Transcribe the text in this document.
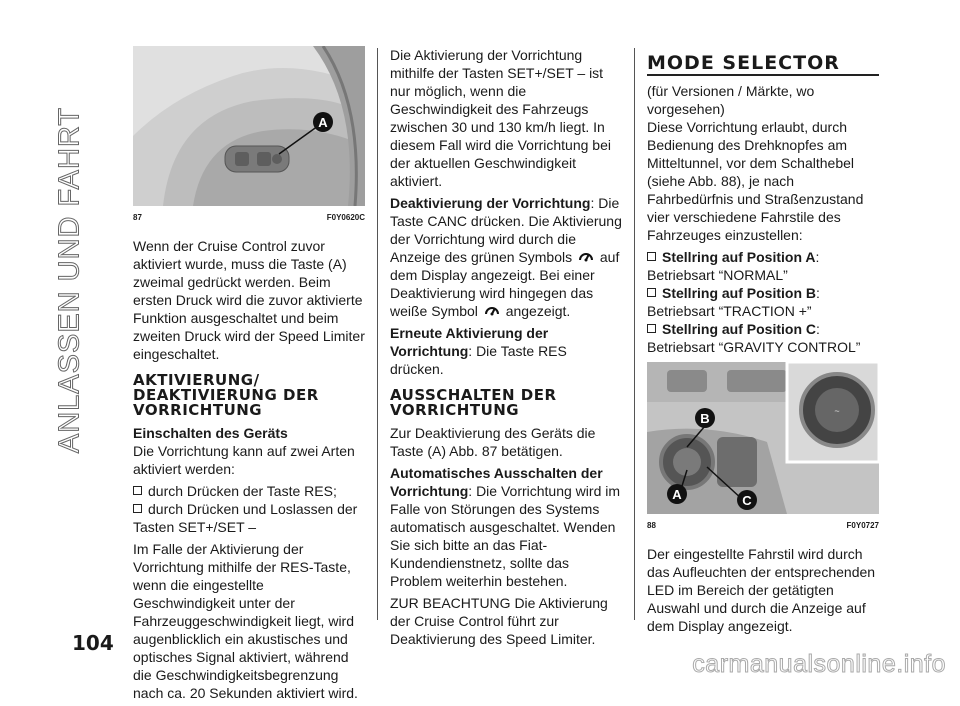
ANLASSEN UND FAHRT	A
87	F0Y0620C

Wenn der Cruise Control zuvor aktiviert wurde, muss die Taste (A) zweimal gedrückt werden. Beim ersten Druck wird die zuvor aktivierte Funktion ausgeschaltet und beim zweiten Druck wird der Speed Limiter eingeschaltet.

AKTIVIERUNG/ DEAKTIVIERUNG DER VORRICHTUNG
Einschalten des Geräts

Die Vorrichtung kann auf zwei Arten aktiviert werden:

durch Drücken der Taste RES;
durch Drücken und Loslassen der Tasten SET+/SET –

Im Falle der Aktivierung der Vorrichtung mithilfe der RES-Taste, wenn die eingestellte Geschwindigkeit unter der Fahrzeuggeschwindigkeit liegt, wird augenblicklich ein akustisches und optisches Signal aktiviert, während die Geschwindigkeitsbegrenzung nach ca. 20 Sekunden aktiviert wird.

Die Aktivierung der Vorrichtung mithilfe der Tasten SET+/SET – ist nur möglich, wenn die Geschwindigkeit des Fahrzeugs zwischen 30 und 130 km/h liegt. In diesem Fall wird die Vorrichtung bei der aktuellen Geschwindigkeit aktiviert.

Deaktivierung der Vorrichtung: Die Taste CANC drücken. Die Aktivierung der Vorrichtung wird durch die Anzeige des grünen Symbols auf dem Display angezeigt. Bei einer Deaktivierung wird hingegen das weiße Symbol angezeigt.

Erneute Aktivierung der Vorrichtung: Die Taste RES drücken.

AUSSCHALTEN DER VORRICHTUNG

Zur Deaktivierung des Geräts die Taste (A) Abb. 87 betätigen.

Automatisches Ausschalten der Vorrichtung: Die Vorrichtung wird im Falle von Störungen des Systems automatisch ausgeschaltet. Wenden Sie sich bitte an das Fiat-Kundendienstnetz, sollte das Problem weiterhin bestehen.

ZUR BEACHTUNG Die Aktivierung der Cruise Control führt zur Deaktivierung des Speed Limiter.

MODE SELECTOR

(für Versionen / Märkte, wo vorgesehen)

Diese Vorrichtung erlaubt, durch Bedienung des Drehknopfes am Mitteltunnel, vor dem Schalthebel (siehe Abb. 88), je nach Fahrbedürfnis und Straßenzustand vier verschiedene Fahrstile des Fahrzeuges einzustellen:

Stellring auf Position A: Betriebsart “NORMAL”
Stellring auf Position B: Betriebsart “TRACTION +”
Stellring auf Position C: Betriebsart “GRAVITY CONTROL”
~
B
A	C
88	F0Y0727

Der eingestellte Fahrstil wird durch das Aufleuchten der entsprechenden LED im Bereich der getätigten Auswahl und durch die Anzeige auf dem Display angezeigt.

104
carmanualsonline.info
